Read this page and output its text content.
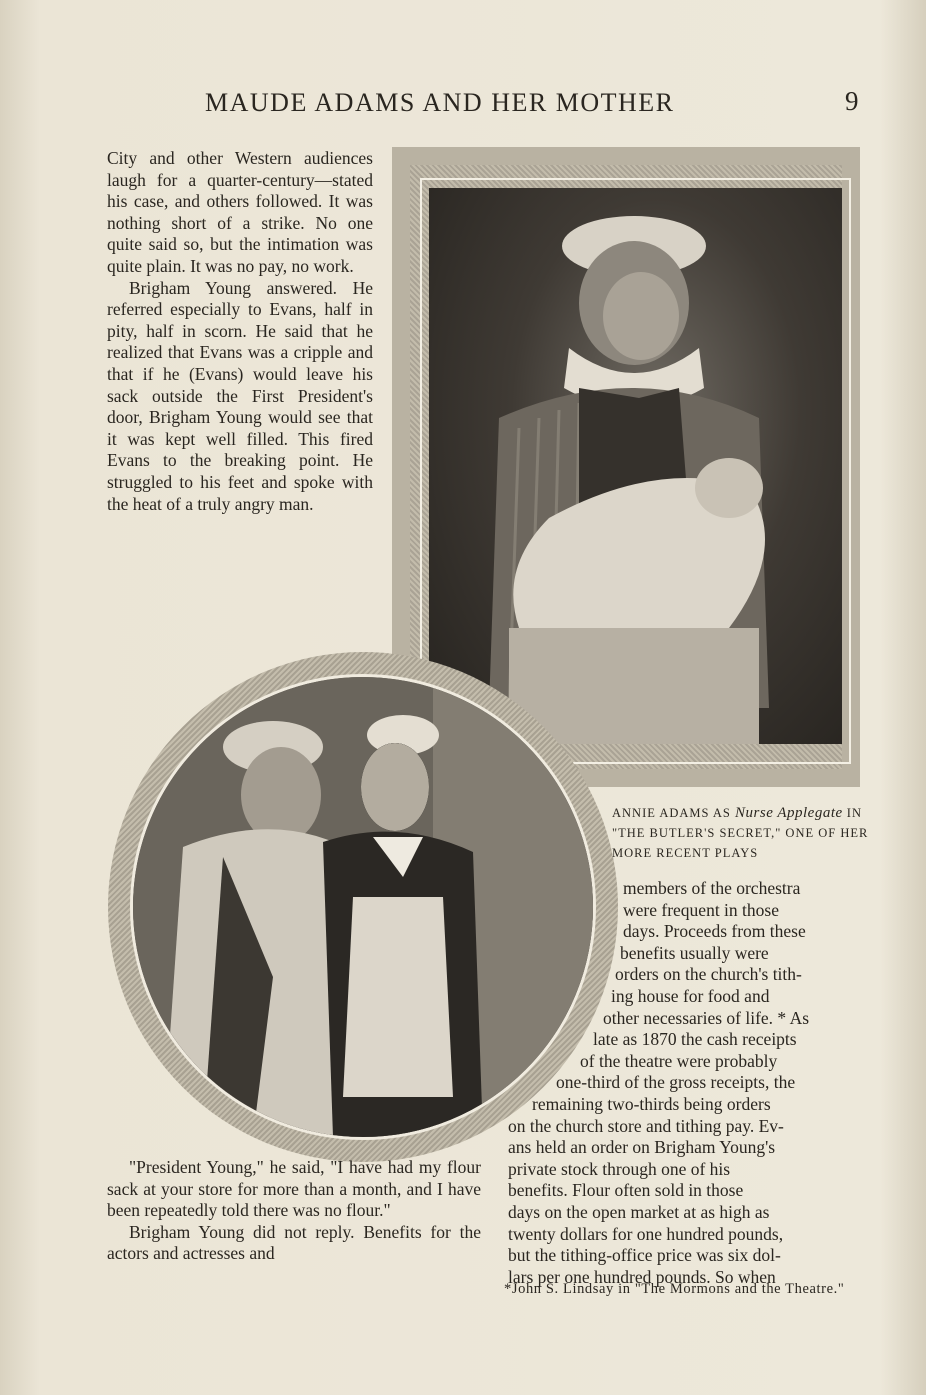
MAUDE ADAMS AND HER MOTHER	9

City and other Western audiences laugh for a quarter-century—stated his case, and others followed. It was nothing short of a strike. No one quite said so, but the intimation was quite plain. It was no pay, no work.

Brigham Young answered. He referred especially to Evans, half in pity, half in scorn. He said that he realized that Evans was a cripple and that if he (Evans) would leave his sack outside the First President's door, Brigham Young would see that it was kept well filled. This fired Evans to the breaking point. He struggled to his feet and spoke with the heat of a truly angry man.

ANNIE ADAMS AS Nurse Applegate IN "THE BUTLER'S SECRET," ONE OF HER MORE RECENT PLAYS
members of the orchestra
were frequent in those
days. Proceeds from these
benefits usually were
orders on the church's tith-
ing house for food and
other necessaries of life. * As
late as 1870 the cash receipts
of the theatre were probably
one-third of the gross receipts, the
remaining two-thirds being orders
on the church store and tithing pay. Ev-
ans held an order on Brigham Young's
private stock through one of his
benefits. Flour often sold in those
days on the open market at as high as
twenty dollars for one hundred pounds,
but the tithing-office price was six dol-
lars per one hundred pounds. So when

"President Young," he said, "I have had my flour sack at your store for more than a month, and I have been repeatedly told there was no flour."

Brigham Young did not reply. Benefits for the actors and actresses and

*John S. Lindsay in "The Mormons and the Theatre."
